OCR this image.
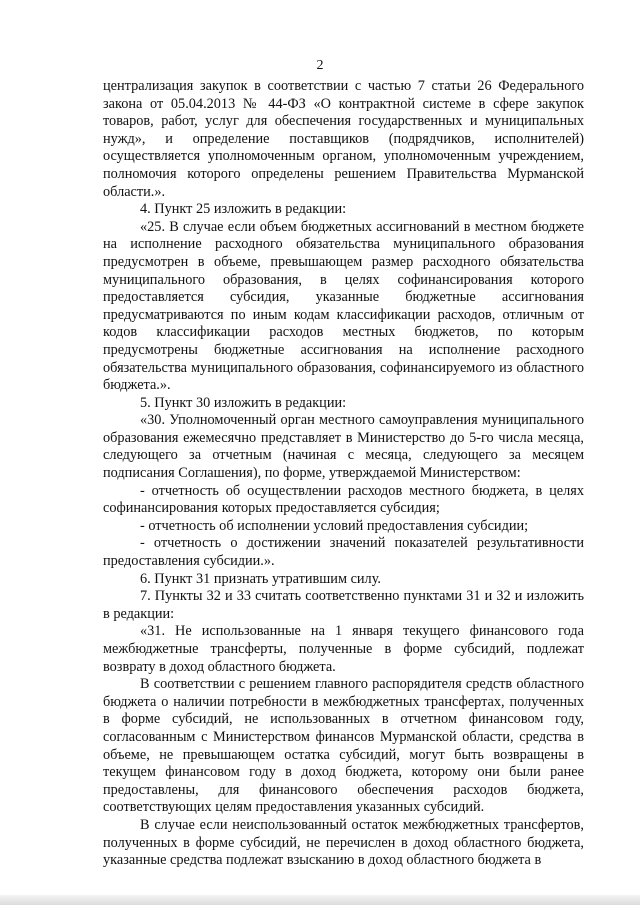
2

централизация закупок в соответствии с частью 7 статьи 26 Федерального закона от 05.04.2013 № 44-ФЗ «О контрактной системе в сфере закупок товаров, работ, услуг для обеспечения государственных и муниципальных нужд», и определение поставщиков (подрядчиков, исполнителей) осуществляется уполномоченным органом, уполномоченным учреждением, полномочия которого определены решением Правительства Мурманской области.».

4. Пункт 25 изложить в редакции:

«25. В случае если объем бюджетных ассигнований в местном бюджете на исполнение расходного обязательства муниципального образования предусмотрен в объеме, превышающем размер расходного обязательства муниципального образования, в целях софинансирования которого предоставляется субсидия, указанные бюджетные ассигнования предусматриваются по иным кодам классификации расходов, отличным от кодов классификации расходов местных бюджетов, по которым предусмотрены бюджетные ассигнования на исполнение расходного обязательства муниципального образования, софинансируемого из областного бюджета.».

5. Пункт 30 изложить в редакции:

«30. Уполномоченный орган местного самоуправления муниципального образования ежемесячно представляет в Министерство до 5-го числа месяца, следующего за отчетным (начиная с месяца, следующего за месяцем подписания Соглашения), по форме, утверждаемой Министерством:

- отчетность об осуществлении расходов местного бюджета, в целях софинансирования которых предоставляется субсидия;

- отчетность об исполнении условий предоставления субсидии;

- отчетность о достижении значений показателей результативности предоставления субсидии.».

6. Пункт 31 признать утратившим силу.

7. Пункты 32 и 33 считать соответственно пунктами 31 и 32 и изложить в редакции:

«31. Не использованные на 1 января текущего финансового года межбюджетные трансферты, полученные в форме субсидий, подлежат возврату в доход областного бюджета.

В соответствии с решением главного распорядителя средств областного бюджета о наличии потребности в межбюджетных трансфертах, полученных в форме субсидий, не использованных в отчетном финансовом году, согласованным с Министерством финансов Мурманской области, средства в объеме, не превышающем остатка субсидий, могут быть возвращены в текущем финансовом году в доход бюджета, которому они были ранее предоставлены, для финансового обеспечения расходов бюджета, соответствующих целям предоставления указанных субсидий.

В случае если неиспользованный остаток межбюджетных трансфертов, полученных в форме субсидий, не перечислен в доход областного бюджета, указанные средства подлежат взысканию в доход областного бюджета в
